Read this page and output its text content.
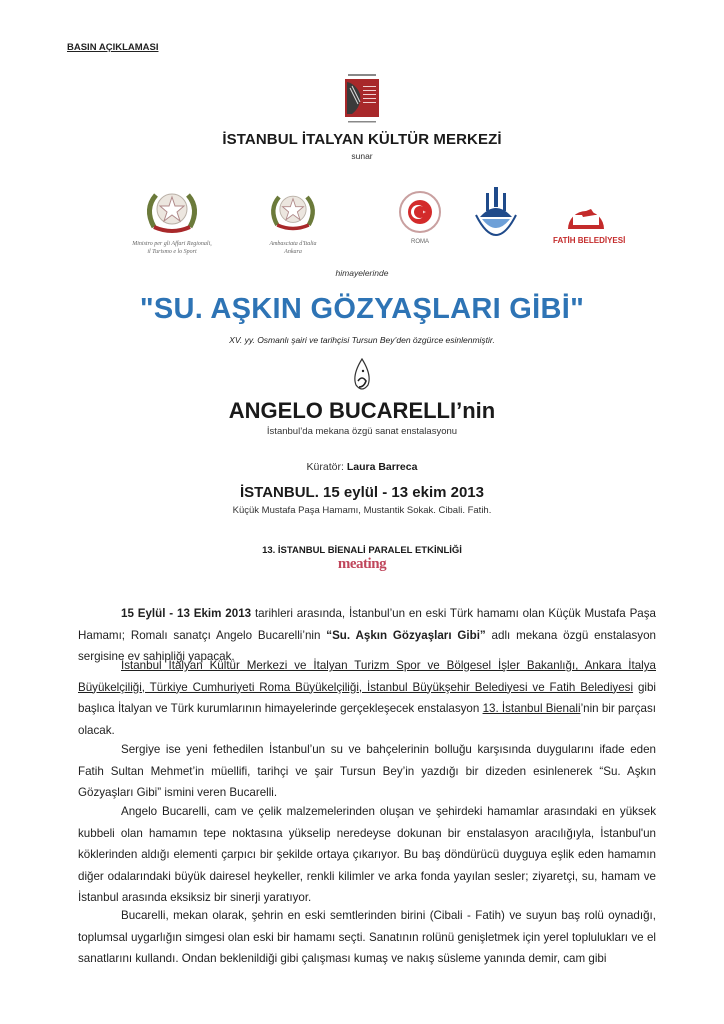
BASIN AÇIKLAMASI
İSTANBUL İTALYAN KÜLTÜR MERKEZİ
sunar
Ministro per gli Affari Regionali,
il Turismo e lo Sport
Ambasciata d'Italia
Ankara
ROMA	FATİH BELEDİYESİ
himayelerinde
"SU. AŞKIN GÖZYAŞLARI GİBİ"
XV. yy. Osmanlı şairi ve tarihçisi Tursun Bey’den özgürce esinlenmiştir.
ANGELO BUCARELLI’nin
İstanbul’da mekana özgü sanat enstalasyonu
Küratör: Laura Barreca
İSTANBUL. 15 eylül - 13 ekim 2013
Küçük Mustafa Paşa Hamamı, Mustantik Sokak. Cibali. Fatih.
13. İSTANBUL BİENALİ PARALEL ETKİNLİĞİ
meating
15 Eylül - 13 Ekim 2013 tarihleri arasında, İstanbul’un en eski Türk hamamı olan Küçük Mustafa Paşa Hamamı; Romalı sanatçı Angelo Bucarelli’nin “Su. Aşkın Gözyaşları Gibi” adlı mekana özgü enstalasyon sergisine ev sahipliği yapacak.
İstanbul İtalyan Kültür Merkezi ve İtalyan Turizm Spor ve Bölgesel İşler Bakanlığı, Ankara İtalya Büyükelçiliği, Türkiye Cumhuriyeti Roma Büyükelçiliği, İstanbul Büyükşehir Belediyesi ve Fatih Belediyesi gibi başlıca İtalyan ve Türk kurumlarının himayelerinde gerçekleşecek enstalasyon 13. İstanbul Bienali’nin bir parçası olacak.
Sergiye ise yeni fethedilen İstanbul’un su ve bahçelerinin bolluğu karşısında duygularını ifade eden Fatih Sultan Mehmet’in müellifi, tarihçi ve şair Tursun Bey’in yazdığı bir dizeden esinlenerek “Su. Aşkın Gözyaşları Gibi” ismini veren Bucarelli.
Angelo Bucarelli, cam ve çelik malzemelerinden oluşan ve şehirdeki hamamlar arasındaki en yüksek kubbeli olan hamamın tepe noktasına yükselip neredeyse dokunan bir enstalasyon aracılığıyla, İstanbul'un köklerinden aldığı elementi çarpıcı bir şekilde ortaya çıkarıyor. Bu baş döndürücü duyguya eşlik eden hamamın diğer odalarındaki büyük dairesel heykeller, renkli kilimler ve arka fonda yayılan sesler; ziyaretçi, su, hamam ve İstanbul arasında eksiksiz bir sinerji yaratıyor.
Bucarelli, mekan olarak, şehrin en eski semtlerinden birini (Cibali - Fatih) ve suyun baş rolü oynadığı, toplumsal uygarlığın simgesi olan eski bir hamamı seçti. Sanatının rolünü genişletmek için yerel toplulukları ve el sanatlarını kullandı. Ondan beklenildiği gibi çalışması kumaş ve nakış süsleme yanında demir, cam gibi
